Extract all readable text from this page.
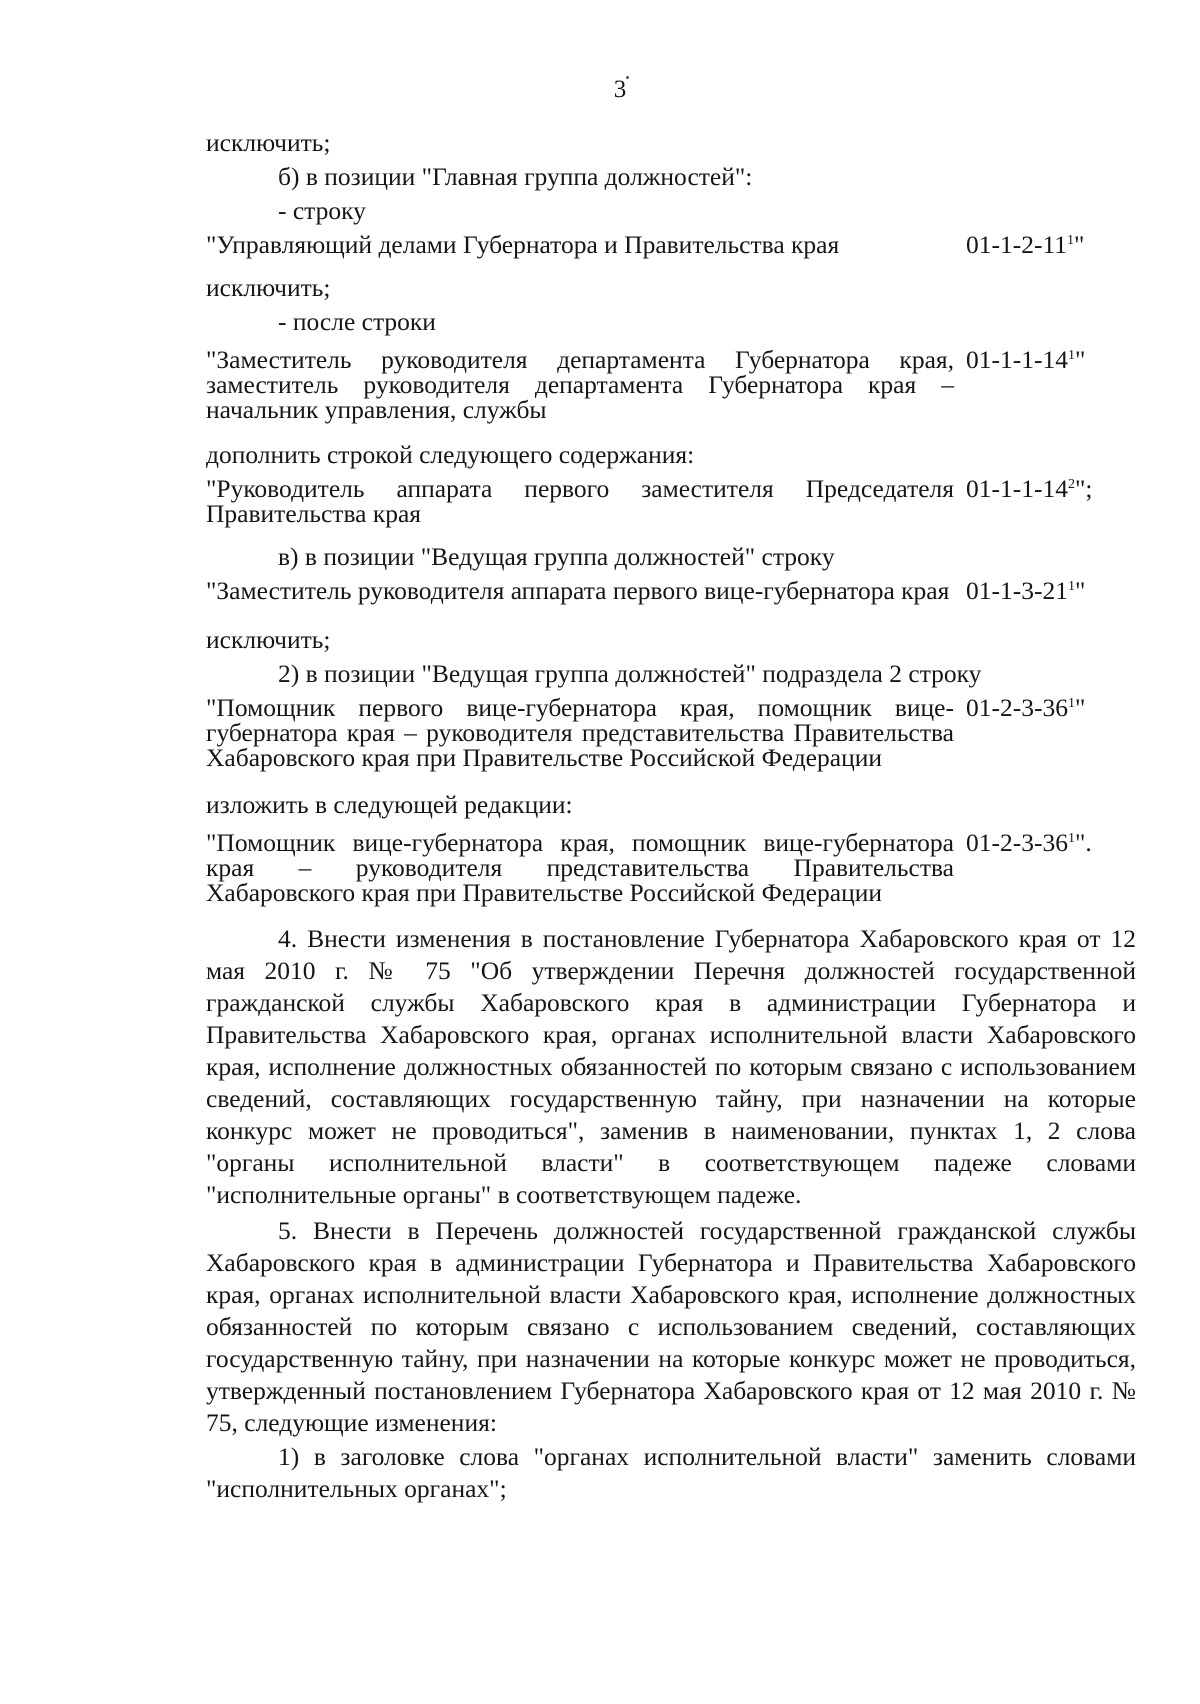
3
исключить;
б) в позиции "Главная группа должностей":
- строку
"Управляющий делами Губернатора и Правительства края	$01-1-2-11^1$"
исключить;
- после строки
"Заместитель руководителя департамента Губернатора края, заместитель руководителя департамента Губернатора края – начальник управления, службы
$01-1-1-14^1$"
дополнить строкой следующего содержания:
"Руководитель аппарата первого заместителя Председателя Правительства края
$01-1-1-14^2$";
в) в позиции "Ведущая группа должностей" строку
"Заместитель руководителя аппарата первого вице-губернатора края $01-1-3-21^1$"
исключить;
2) в позиции "Ведущая группа должностей" подраздела 2 строку
"Помощник первого вице-губернатора края, помощник вице-губернатора края – руководителя представительства Правительства Хабаровского края при Правительстве Российской Федерации
$01-2-3-36^1$"
изложить в следующей редакции:
"Помощник вице-губернатора края, помощник вице-губернатора края – руководителя представительства Правительства Хабаровского края при Правительстве Российской Федерации
$01-2-3-36^1$".

4. Внести изменения в постановление Губернатора Хабаровского края от 12 мая 2010 г. № 75 "Об утверждении Перечня должностей государственной гражданской службы Хабаровского края в администрации Губернатора и Правительства Хабаровского края, органах исполнительной власти Хабаровского края, исполнение должностных обязанностей по которым связано с использованием сведений, составляющих государственную тайну, при назначении на которые конкурс может не проводиться", заменив в наименовании, пунктах 1, 2 слова "органы исполнительной власти" в соответствующем падеже словами "исполнительные органы" в соответствующем падеже.

5. Внести в Перечень должностей государственной гражданской службы Хабаровского края в администрации Губернатора и Правительства Хабаровского края, органах исполнительной власти Хабаровского края, исполнение должностных обязанностей по которым связано с использованием сведений, составляющих государственную тайну, при назначении на которые конкурс может не проводиться, утвержденный постановлением Губернатора Хабаровского края от 12 мая 2010 г. № 75, следующие изменения:

1) в заголовке слова "органах исполнительной власти" заменить словами "исполнительных органах";
